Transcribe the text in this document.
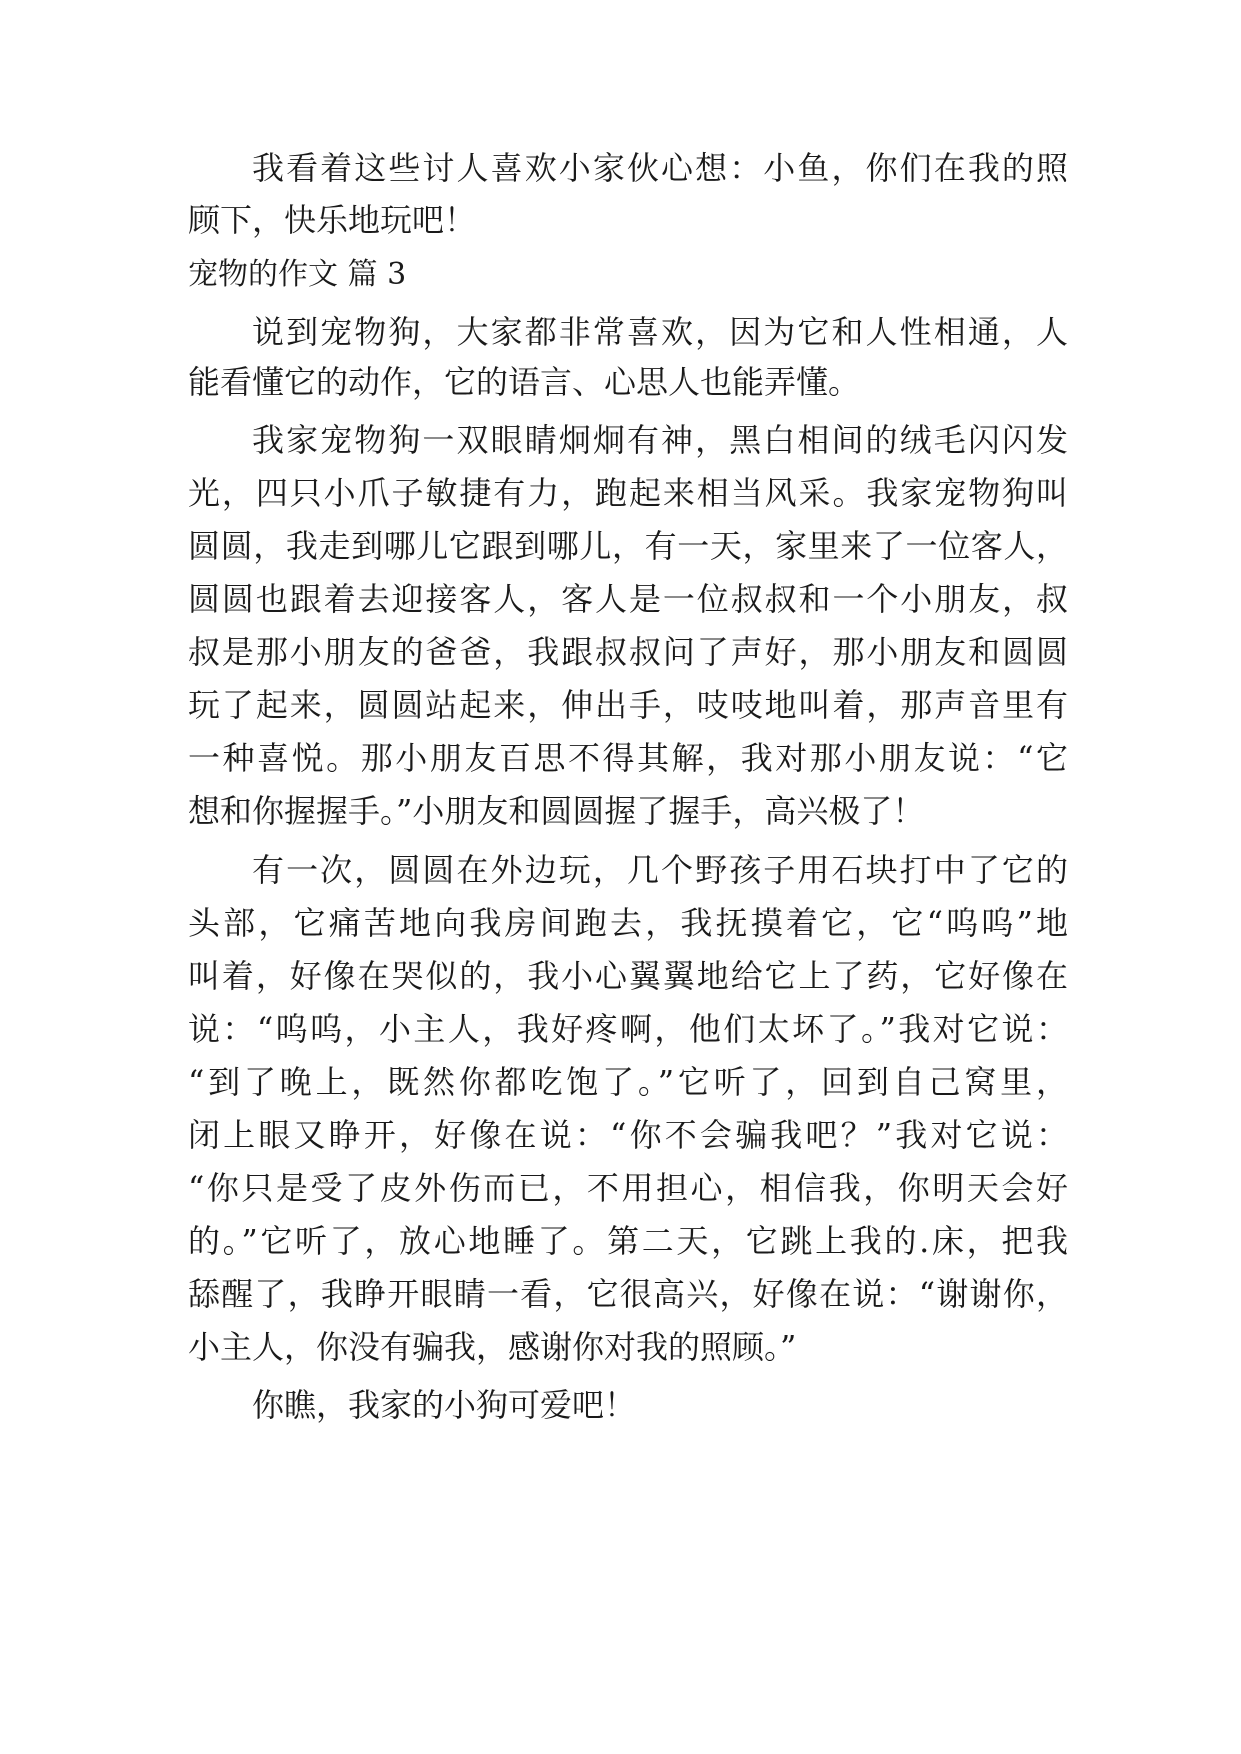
我看着这些讨人喜欢小家伙心想：小鱼，你们在我的照
顾下，快乐地玩吧！
宠物的作文 篇 3
说到宠物狗，大家都非常喜欢，因为它和人性相通，人
能看懂它的动作，它的语言、心思人也能弄懂。
我家宠物狗一双眼睛炯炯有神，黑白相间的绒毛闪闪发
光，四只小爪子敏捷有力，跑起来相当风采。我家宠物狗叫
圆圆，我走到哪儿它跟到哪儿，有一天，家里来了一位客人，
圆圆也跟着去迎接客人，客人是一位叔叔和一个小朋友，叔
叔是那小朋友的爸爸，我跟叔叔问了声好，那小朋友和圆圆
玩了起来，圆圆站起来，伸出手，吱吱地叫着，那声音里有
一种喜悦。那小朋友百思不得其解，我对那小朋友说：“它
想和你握握手。”小朋友和圆圆握了握手，高兴极了！
有一次，圆圆在外边玩，几个野孩子用石块打中了它的
头部，它痛苦地向我房间跑去，我抚摸着它，它“呜呜”地
叫着，好像在哭似的，我小心翼翼地给它上了药，它好像在
说：“呜呜，小主人，我好疼啊，他们太坏了。”我对它说：
“到了晚上，既然你都吃饱了。”它听了，回到自己窝里，
闭上眼又睁开，好像在说：“你不会骗我吧？”我对它说：
“你只是受了皮外伤而已，不用担心，相信我，你明天会好
的。”它听了，放心地睡了。第二天，它跳上我的.床，把我
舔醒了，我睁开眼睛一看，它很高兴，好像在说：“谢谢你，
小主人，你没有骗我，感谢你对我的照顾。”
你瞧，我家的小狗可爱吧！
